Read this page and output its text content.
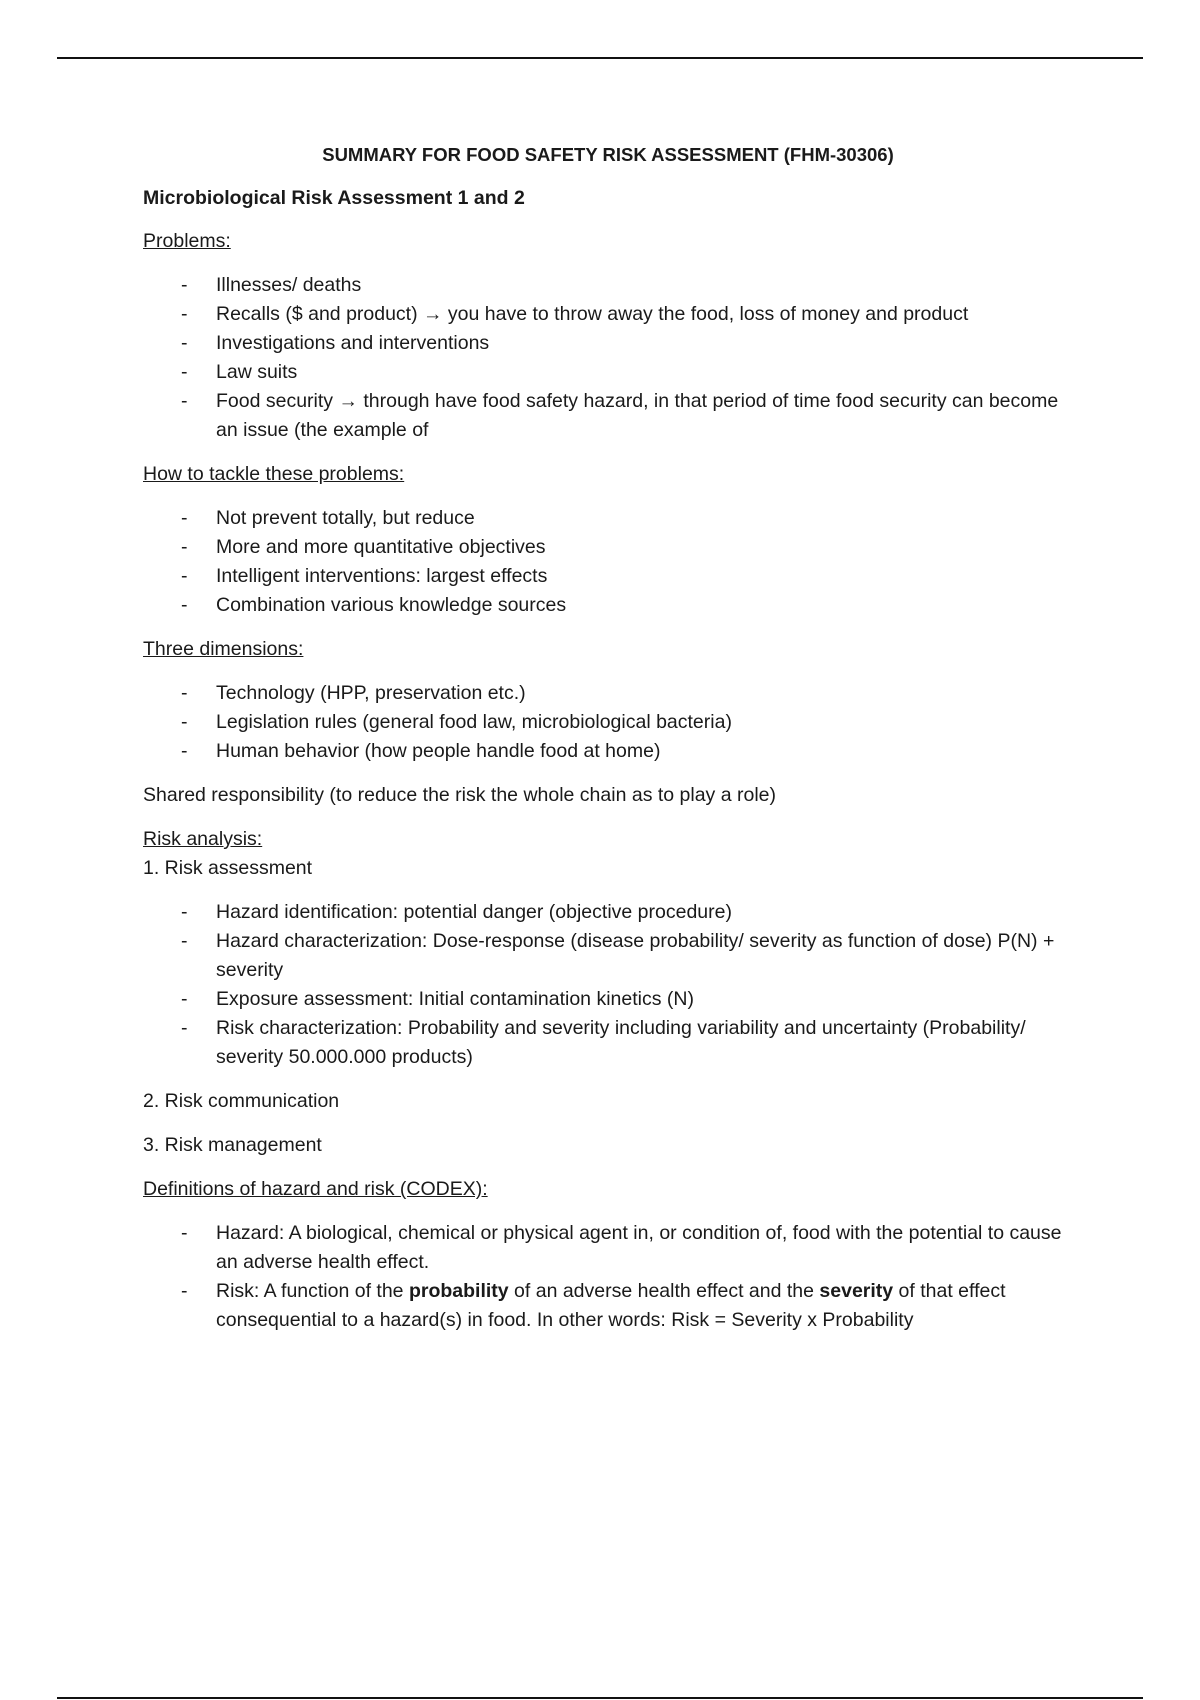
SUMMARY FOR FOOD SAFETY RISK ASSESSMENT (FHM-30306)
Microbiological Risk Assessment 1 and 2
Problems:
- Illnesses/ deaths
- Recalls ($ and product) → you have to throw away the food, loss of money and product
- Investigations and interventions
- Law suits
- Food security → through have food safety hazard, in that period of time food security can become an issue (the example of
How to tackle these problems:
- Not prevent totally, but reduce
- More and more quantitative objectives
- Intelligent interventions: largest effects
- Combination various knowledge sources
Three dimensions:
- Technology (HPP, preservation etc.)
- Legislation rules (general food law, microbiological bacteria)
- Human behavior (how people handle food at home)
Shared responsibility (to reduce the risk the whole chain as to play a role)
Risk analysis:
1. Risk assessment
- Hazard identification: potential danger (objective procedure)
- Hazard characterization: Dose-response (disease probability/ severity as function of dose) P(N) + severity
- Exposure assessment: Initial contamination kinetics (N)
- Risk characterization: Probability and severity including variability and uncertainty (Probability/ severity 50.000.000 products)
2. Risk communication
3. Risk management
Definitions of hazard and risk (CODEX):
- Hazard: A biological, chemical or physical agent in, or condition of, food with the potential to cause an adverse health effect.
- Risk: A function of the probability of an adverse health effect and the severity of that effect consequential to a hazard(s) in food. In other words: Risk = Severity x Probability
